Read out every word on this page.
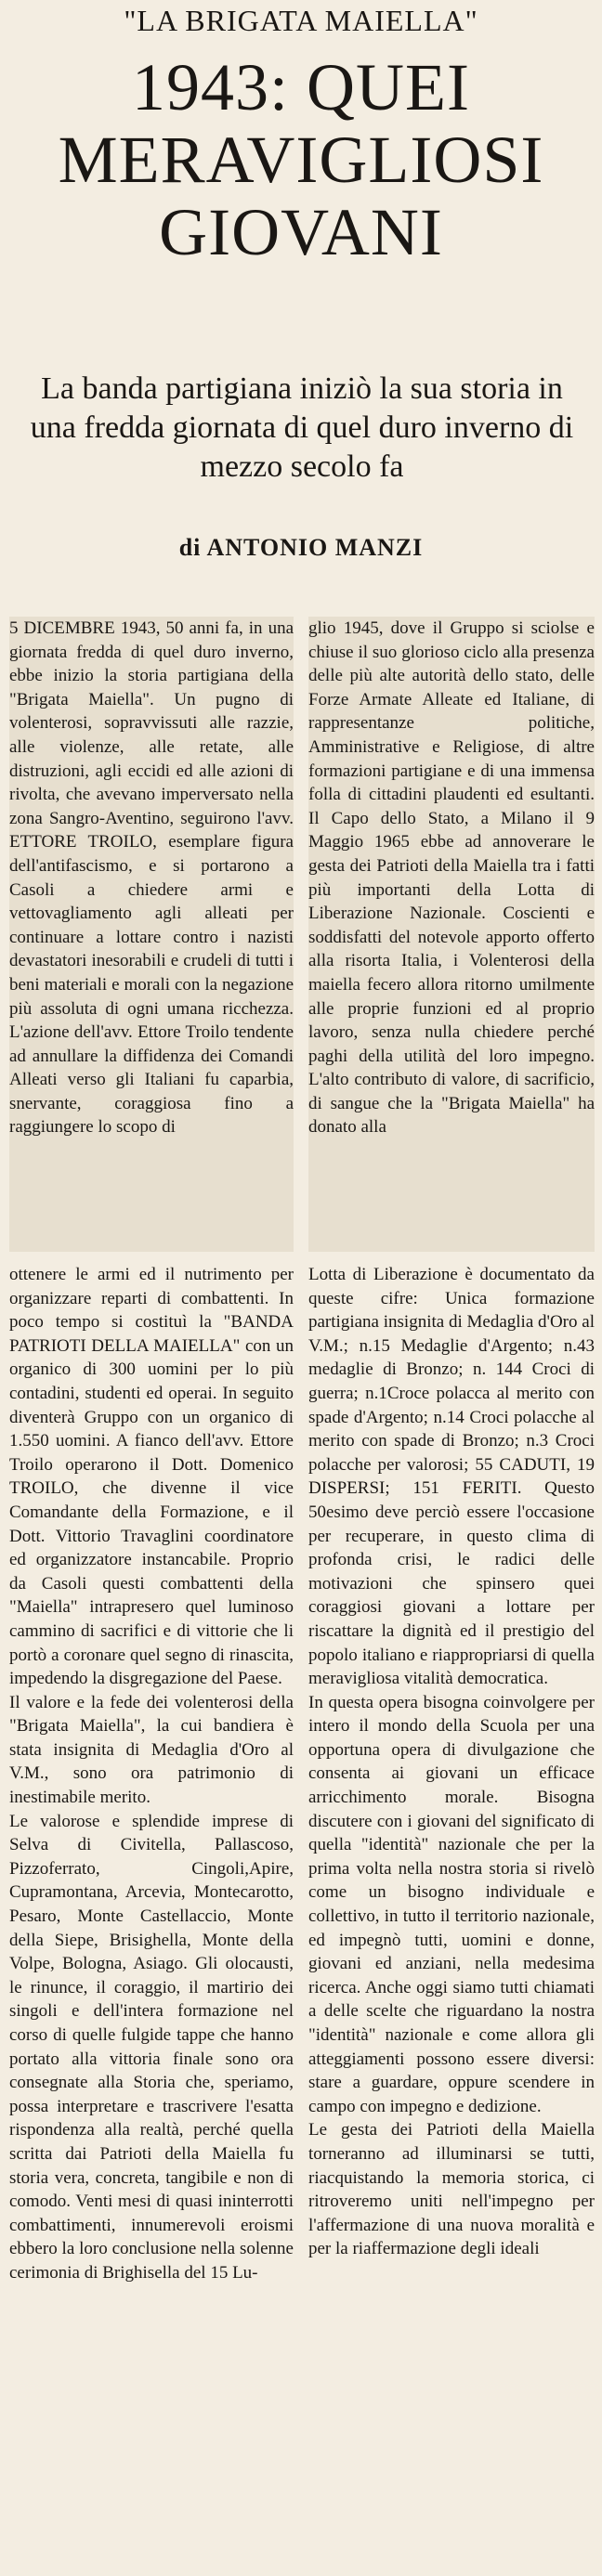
"LA BRIGATA MAIELLA"
1943: QUEI
MERAVIGLIOSI
GIOVANI
La banda partigiana iniziò la sua storia in una fredda giornata di quel duro inverno di mezzo secolo fa
di ANTONIO MANZI

5 DICEMBRE 1943, 50 anni fa, in una giornata fredda di quel duro inverno, ebbe inizio la storia partigiana della "Brigata Maiella". Un pugno di volenterosi, sopravvissuti alle razzie, alle violenze, alle retate, alle distruzioni, agli eccidi ed alle azioni di rivolta, che avevano imperversato nella zona Sangro-Aventino, seguirono l'avv. ETTORE TROILO, esemplare figura dell'antifascismo, e si portarono a Casoli a chiedere armi e vettovagliamento agli alleati per continuare a lottare contro i nazisti devastatori inesorabili e crudeli di tutti i beni materiali e morali con la negazione più assoluta di ogni umana ricchezza. L'azione dell'avv. Ettore Troilo tendente ad annullare la diffidenza dei Comandi Alleati verso gli Italiani fu caparbia, snervante, coraggiosa fino a raggiungere lo scopo di

glio 1945, dove il Gruppo si sciolse e chiuse il suo glorioso ciclo alla presenza delle più alte autorità dello stato, delle Forze Armate Alleate ed Italiane, di rappresentanze politiche, Amministrative e Religiose, di altre formazioni partigiane e di una immensa folla di cittadini plaudenti ed esultanti. Il Capo dello Stato, a Milano il 9 Maggio 1965 ebbe ad annoverare le gesta dei Patrioti della Maiella tra i fatti più importanti della Lotta di Liberazione Nazionale. Coscienti e soddisfatti del notevole apporto offerto alla risorta Italia, i Volenterosi della maiella fecero allora ritorno umilmente alle proprie funzioni ed al proprio lavoro, senza nulla chiedere perché paghi della utilità del loro impegno. L'alto contributo di valore, di sacrificio, di sangue che la "Brigata Maiella" ha donato alla

ottenere le armi ed il nutrimento per organizzare reparti di combattenti. In poco tempo si costituì la "BANDA PATRIOTI DELLA MAIELLA" con un organico di 300 uomini per lo più contadini, studenti ed operai. In seguito diventerà Gruppo con un organico di 1.550 uomini. A fianco dell'avv. Ettore Troilo operarono il Dott. Domenico TROILO, che divenne il vice Comandante della Formazione, e il Dott. Vittorio Travaglini coordinatore ed organizzatore instancabile. Proprio da Casoli questi combattenti della "Maiella" intrapresero quel luminoso cammino di sacrifici e di vittorie che li portò a coronare quel segno di rinascita, impedendo la disgregazione del Paese.

Il valore e la fede dei volenterosi della "Brigata Maiella", la cui bandiera è stata insignita di Medaglia d'Oro al V.M., sono ora patrimonio di inestimabile merito.

Le valorose e splendide imprese di Selva di Civitella, Pallascoso, Pizzoferrato, Cingoli,Apire, Cupramontana, Arcevia, Montecarotto, Pesaro, Monte Castellaccio, Monte della Siepe, Brisighella, Monte della Volpe, Bologna, Asiago. Gli olocausti, le rinunce, il coraggio, il martirio dei singoli e dell'intera formazione nel corso di quelle fulgide tappe che hanno portato alla vittoria finale sono ora consegnate alla Storia che, speriamo, possa interpretare e trascrivere l'esatta rispondenza alla realtà, perché quella scritta dai Patrioti della Maiella fu storia vera, concreta, tangibile e non di comodo. Venti mesi di quasi ininterrotti combattimenti, innumerevoli eroismi ebbero la loro conclusione nella solenne cerimonia di Brighisella del 15 Lu-

Lotta di Liberazione è documentato da queste cifre: Unica formazione partigiana insignita di Medaglia d'Oro al V.M.; n.15 Medaglie d'Argento; n.43 medaglie di Bronzo; n. 144 Croci di guerra; n.1Croce polacca al merito con spade d'Argento; n.14 Croci polacche al merito con spade di Bronzo; n.3 Croci polacche per valorosi; 55 CADUTI, 19 DISPERSI; 151 FERITI. Questo 50esimo deve perciò essere l'occasione per recuperare, in questo clima di profonda crisi, le radici delle motivazioni che spinsero quei coraggiosi giovani a lottare per riscattare la dignità ed il prestigio del popolo italiano e riappropriarsi di quella meravigliosa vitalità democratica.

In questa opera bisogna coinvolgere per intero il mondo della Scuola per una opportuna opera di divulgazione che consenta ai giovani un efficace arricchimento morale. Bisogna discutere con i giovani del significato di quella "identità" nazionale che per la prima volta nella nostra storia si rivelò come un bisogno individuale e collettivo, in tutto il territorio nazionale, ed impegnò tutti, uomini e donne, giovani ed anziani, nella medesima ricerca. Anche oggi siamo tutti chiamati a delle scelte che riguardano la nostra "identità" nazionale e come allora gli atteggiamenti possono essere diversi: stare a guardare, oppure scendere in campo con impegno e dedizione.

Le gesta dei Patrioti della Maiella torneranno ad illuminarsi se tutti, riacquistando la memoria storica, ci ritroveremo uniti nell'impegno per l'affermazione di una nuova moralità e per la riaffermazione degli ideali
